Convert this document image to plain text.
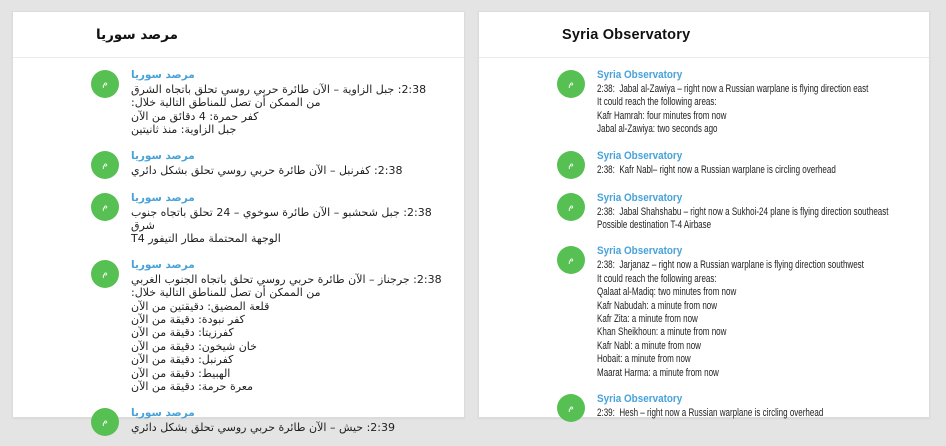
مرصد سوريا
م
مرصد سوريا
2:38: جبل الزاوية – الآن طائرة حربي روسي تحلق باتجاه الشرق
من الممكن أن تصل للمناطق التالية خلال:
كفر حمرة: 4 دقائق من الآن
جبل الزاوية: منذ ثانيتين
م
مرصد سوريا
2:38: كفرنبل – الآن طائرة حربي روسي تحلق بشكل دائري
م
مرصد سوريا
2:38: جبل شحشبو – الآن طائرة سوخوي – 24 تحلق باتجاه جنوب شرق
الوجهة المحتملة مطار التيفور T4
م
مرصد سوريا
2:38: جرجناز – الآن طائرة حربي روسي تحلق باتجاه الجنوب الغربي
من الممكن أن تصل للمناطق التالية خلال:
قلعة المضيق: دقيقتين من الآن
كفر نبودة: دقيقة من الآن
كفرزيتا: دقيقة من الآن
خان شيخون: دقيقة من الآن
كفرنبل: دقيقة من الآن
الهبيط: دقيقة من الآن
معرة حرمة: دقيقة من الآن
م
مرصد سوريا
2:39: حيش – الآن طائرة حربي روسي تحلق بشكل دائري
Syria Observatory
م
Syria Observatory
2:38:  Jabal al-Zawiya – right now a Russian warplane is flying direction east
It could reach the following areas:
Kafr Hamrah: four minutes from now
Jabal al-Zawiya: two seconds ago
م
Syria Observatory
2:38:  Kafr Nabl– right now a Russian warplane is circling overhead
م
Syria Observatory
2:38:  Jabal Shahshabu – right now a Sukhoi-24 plane is flying direction southeast
Possible destination T-4 Airbase
م
Syria Observatory
2:38:  Jarjanaz – right now a Russian warplane is flying direction southwest
It could reach the following areas:
Qalaat al-Madiq: two minutes from now
Kafr Nabudah: a minute from now
Kafr Zita: a minute from now
Khan Sheikhoun: a minute from now
Kafr Nabl: a minute from now
Hobait: a minute from now
Maarat Harma: a minute from now
م
Syria Observatory
2:39:  Hesh – right now a Russian warplane is circling overhead
